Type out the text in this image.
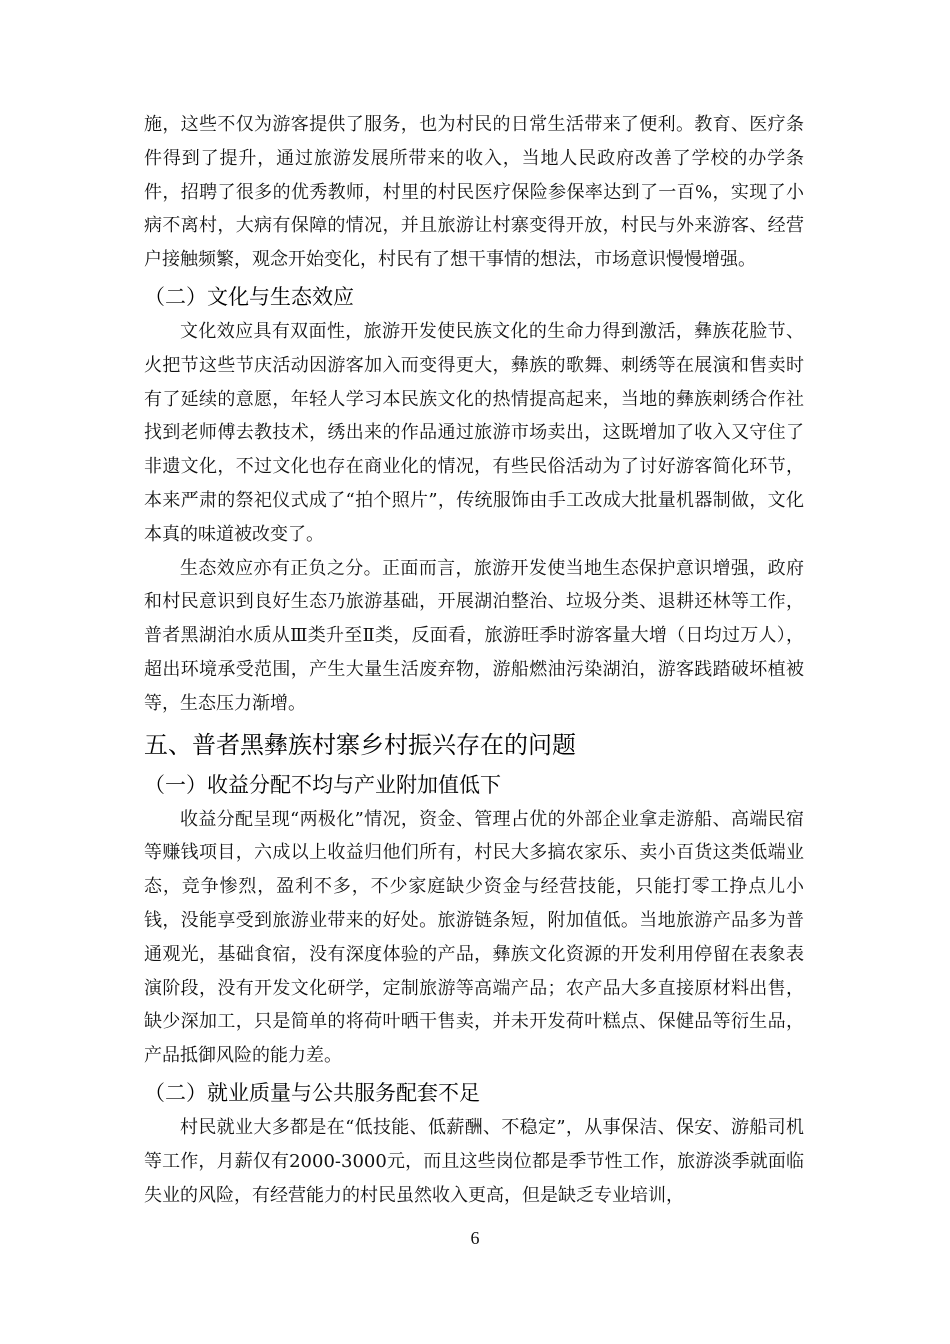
施，这些不仅为游客提供了服务，也为村民的日常生活带来了便利。教育、医疗条件得到了提升，通过旅游发展所带来的收入，当地人民政府改善了学校的办学条件，招聘了很多的优秀教师，村里的村民医疗保险参保率达到了一百%，实现了小病不离村，大病有保障的情况，并且旅游让村寨变得开放，村民与外来游客、经营户接触频繁，观念开始变化，村民有了想干事情的想法，市场意识慢慢增强。

（二）文化与生态效应

文化效应具有双面性，旅游开发使民族文化的生命力得到激活，彝族花脸节、火把节这些节庆活动因游客加入而变得更大，彝族的歌舞、刺绣等在展演和售卖时有了延续的意愿，年轻人学习本民族文化的热情提高起来，当地的彝族刺绣合作社找到老师傅去教技术，绣出来的作品通过旅游市场卖出，这既增加了收入又守住了非遗文化，不过文化也存在商业化的情况，有些民俗活动为了讨好游客简化环节，本来严肃的祭祀仪式成了“拍个照片”，传统服饰由手工改成大批量机器制做，文化本真的味道被改变了。

生态效应亦有正负之分。正面而言，旅游开发使当地生态保护意识增强，政府和村民意识到良好生态乃旅游基础，开展湖泊整治、垃圾分类、退耕还林等工作，普者黑湖泊水质从Ⅲ类升至Ⅱ类，反面看，旅游旺季时游客量大增（日均过万人），超出环境承受范围，产生大量生活废弃物，游船燃油污染湖泊，游客践踏破坏植被等，生态压力渐增。

五、普者黑彝族村寨乡村振兴存在的问题
（一）收益分配不均与产业附加值低下

收益分配呈现“两极化”情况，资金、管理占优的外部企业拿走游船、高端民宿等赚钱项目，六成以上收益归他们所有，村民大多搞农家乐、卖小百货这类低端业态，竞争惨烈，盈利不多，不少家庭缺少资金与经营技能，只能打零工挣点儿小钱，没能享受到旅游业带来的好处。旅游链条短，附加值低。当地旅游产品多为普通观光，基础食宿，没有深度体验的产品，彝族文化资源的开发利用停留在表象表演阶段，没有开发文化研学，定制旅游等高端产品；农产品大多直接原材料出售，缺少深加工，只是简单的将荷叶晒干售卖，并未开发荷叶糕点、保健品等衍生品，产品抵御风险的能力差。

（二）就业质量与公共服务配套不足

村民就业大多都是在“低技能、低薪酬、不稳定”，从事保洁、保安、游船司机等工作，月薪仅有2000-3000元，而且这些岗位都是季节性工作，旅游淡季就面临失业的风险，有经营能力的村民虽然收入更高，但是缺乏专业培训，

6
